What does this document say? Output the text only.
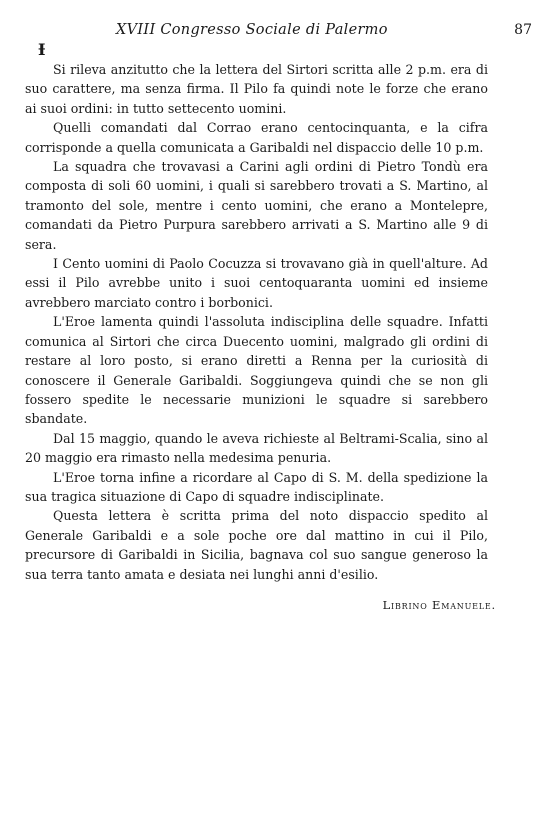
XVIII Congresso Sociale di Palermo	87
Ɨ

Si rileva anzitutto che la lettera del Sirtori scritta alle 2 p.m. era di suo carattere, ma senza firma. Il Pilo fa quindi note le forze che erano ai suoi ordini: in tutto settecento uomini.

Quelli comandati dal Corrao erano centocinquanta, e la cifra corrisponde a quella comunicata a Garibaldi nel dispaccio delle 10 p.m.

La squadra che trovavasi a Carini agli ordini di Pietro Tondù era composta di soli 60 uomini, i quali si sarebbero trovati a S. Martino, al tramonto del sole, mentre i cento uomini, che erano a Montelepre, comandati da Pietro Purpura sarebbero arrivati a S. Martino alle 9 di sera.

I Cento uomini di Paolo Cocuzza si trovavano già in quell'alture. Ad essi il Pilo avrebbe unito i suoi centoquaranta uomini ed insieme avrebbero marciato contro i borbonici.

L'Eroe lamenta quindi l'assoluta indisciplina delle squadre. Infatti comunica al Sirtori che circa Duecento uomini, malgrado gli ordini di restare al loro posto, si erano diretti a Renna per la curiosità di conoscere il Generale Garibaldi. Soggiungeva quindi che se non gli fossero spedite le necessarie munizioni le squadre si sarebbero sbandate.

Dal 15 maggio, quando le aveva richieste al Beltrami-Scalia, sino al 20 maggio era rimasto nella medesima penuria.

L'Eroe torna infine a ricordare al Capo di S. M. della spedizione la sua tragica situazione di Capo di squadre indisciplinate.

Questa lettera è scritta prima del noto dispaccio spedito al Generale Garibaldi e a sole poche ore dal mattino in cui il Pilo, precursore di Garibaldi in Sicilia, bagnava col suo sangue generoso la sua terra tanto amata e desiata nei lunghi anni d'esilio.

Librino Emanuele.
